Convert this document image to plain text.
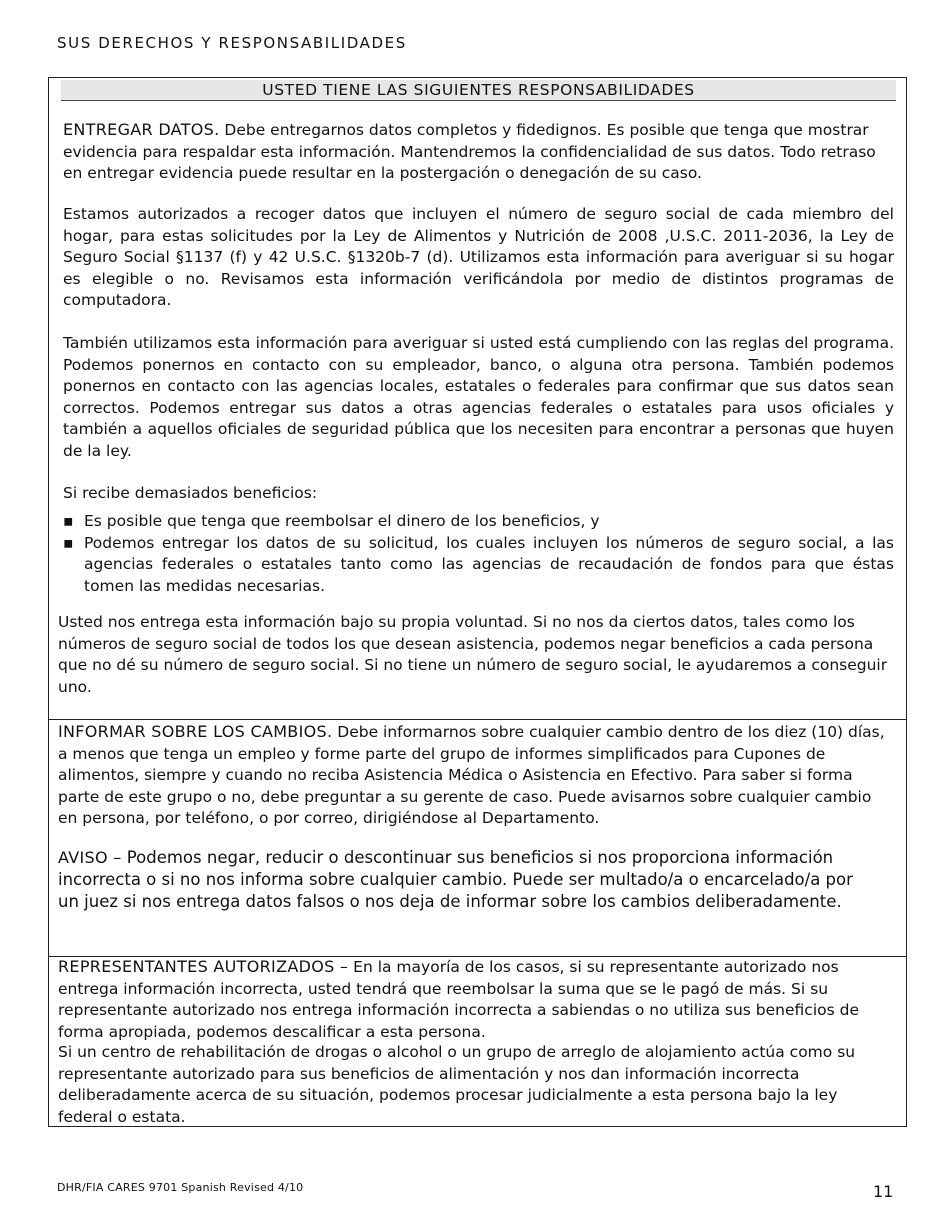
SUS DERECHOS Y RESPONSABILIDADES
USTED TIENE LAS SIGUIENTES RESPONSABILIDADES
ENTREGAR DATOS. Debe entregarnos datos completos y fidedignos. Es posible que tenga que mostrar evidencia para respaldar esta información. Mantendremos la confidencialidad de sus datos. Todo retraso en entregar evidencia puede resultar en la postergación o denegación de su caso.
Estamos autorizados a recoger datos que incluyen el número de seguro social de cada miembro del hogar, para estas solicitudes por la Ley de Alimentos y Nutrición de 2008 ,U.S.C. 2011-2036, la Ley de Seguro Social §1137 (f) y 42 U.S.C. §1320b-7 (d). Utilizamos esta información para averiguar si su hogar es elegible o no. Revisamos esta información verificándola por medio de distintos programas de computadora.
También utilizamos esta información para averiguar si usted está cumpliendo con las reglas del programa. Podemos ponernos en contacto con su empleador, banco, o alguna otra persona. También podemos ponernos en contacto con las agencias locales, estatales o federales para confirmar que sus datos sean correctos. Podemos entregar sus datos a otras agencias federales o estatales para usos oficiales y también a aquellos oficiales de seguridad pública que los necesiten para encontrar a personas que huyen de la ley.
Si recibe demasiados beneficios:
▪ Es posible que tenga que reembolsar el dinero de los beneficios, y
▪ Podemos entregar los datos de su solicitud, los cuales incluyen los números de seguro social, a las agencias federales o estatales tanto como las agencias de recaudación de fondos para que éstas tomen las medidas necesarias.
Usted nos entrega esta información bajo su propia voluntad. Si no nos da ciertos datos, tales como los números de seguro social de todos los que desean asistencia, podemos negar beneficios a cada persona que no dé su número de seguro social. Si no tiene un número de seguro social, le ayudaremos a conseguir uno.
INFORMAR SOBRE LOS CAMBIOS. Debe informarnos sobre cualquier cambio dentro de los diez (10) días, a menos que tenga un empleo y forme parte del grupo de informes simplificados para Cupones de alimentos, siempre y cuando no reciba Asistencia Médica o Asistencia en Efectivo. Para saber si forma parte de este grupo o no, debe preguntar a su gerente de caso. Puede avisarnos sobre cualquier cambio en persona, por teléfono, o por correo, dirigiéndose al Departamento.
AVISO – Podemos negar, reducir o descontinuar sus beneficios si nos proporciona información incorrecta o si no nos informa sobre cualquier cambio. Puede ser multado/a o encarcelado/a por un juez si nos entrega datos falsos o nos deja de informar sobre los cambios deliberadamente.
REPRESENTANTES AUTORIZADOS – En la mayoría de los casos, si su representante autorizado nos entrega información incorrecta, usted tendrá que reembolsar la suma que se le pagó de más. Si su representante autorizado nos entrega información incorrecta a sabiendas o no utiliza sus beneficios de forma apropiada, podemos descalificar a esta persona.
Si un centro de rehabilitación de drogas o alcohol o un grupo de arreglo de alojamiento actúa como su representante autorizado para sus beneficios de alimentación y nos dan información incorrecta deliberadamente acerca de su situación, podemos procesar judicialmente a esta persona bajo la ley federal o estata.
DHR/FIA CARES 9701 Spanish Revised 4/10	11
